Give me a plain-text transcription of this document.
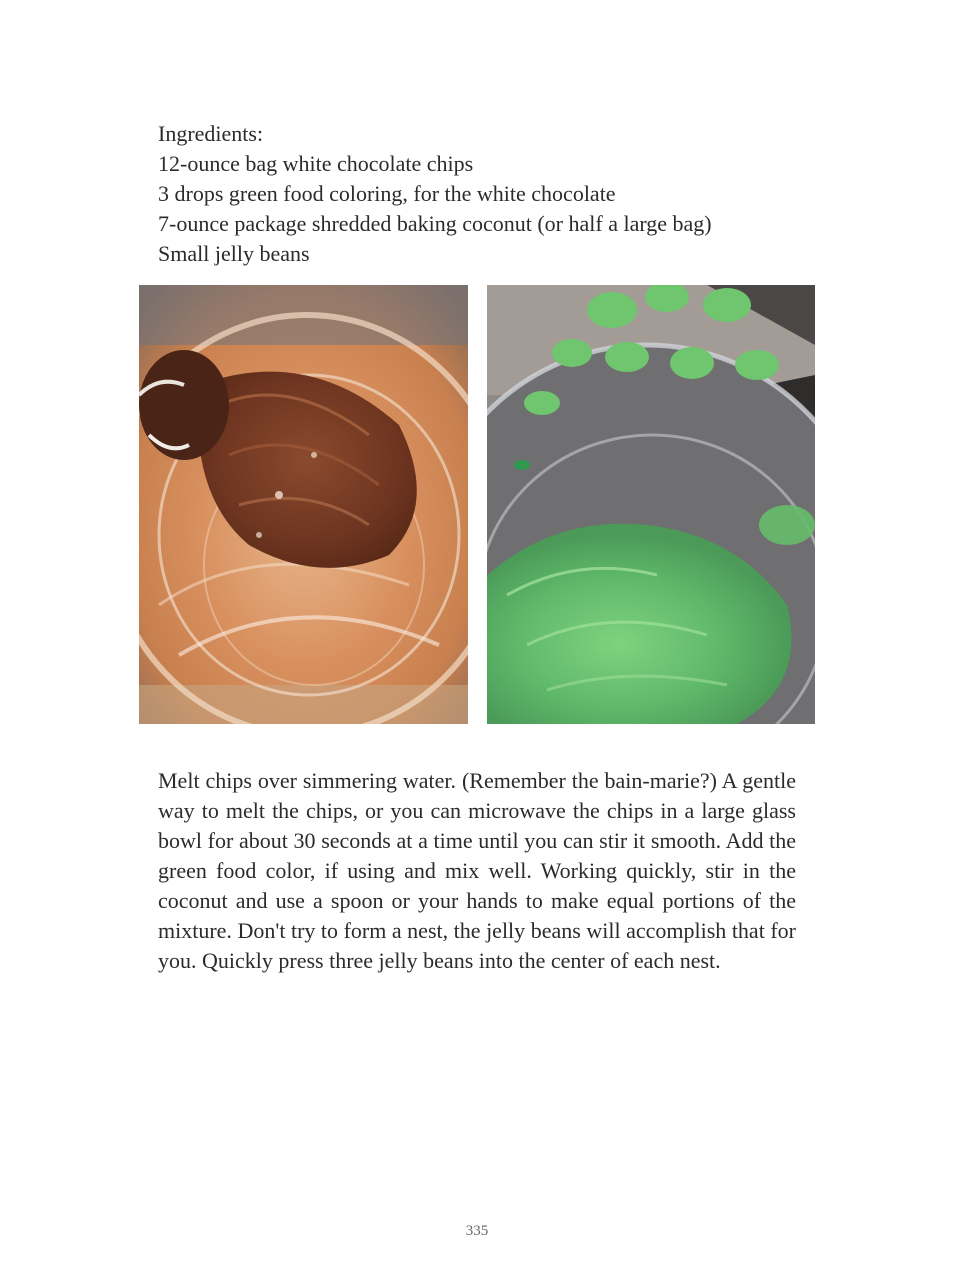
Ingredients:
12-ounce bag white chocolate chips
3 drops green food coloring, for the white chocolate
7-ounce package shredded baking coconut (or half a large bag)
Small jelly beans

Melt chips over simmering water. (Remember the bain-marie?) A gentle way to melt the chips, or you can microwave the chips in a large glass bowl for about 30 seconds at a time until you can stir it smooth. Add the green food color, if using and mix well. Working quickly, stir in the coconut and use a spoon or your hands to make equal portions of the mixture. Don't try to form a nest, the jelly beans will accomplish that for you. Quickly press three jelly beans into the center of each nest.

335
